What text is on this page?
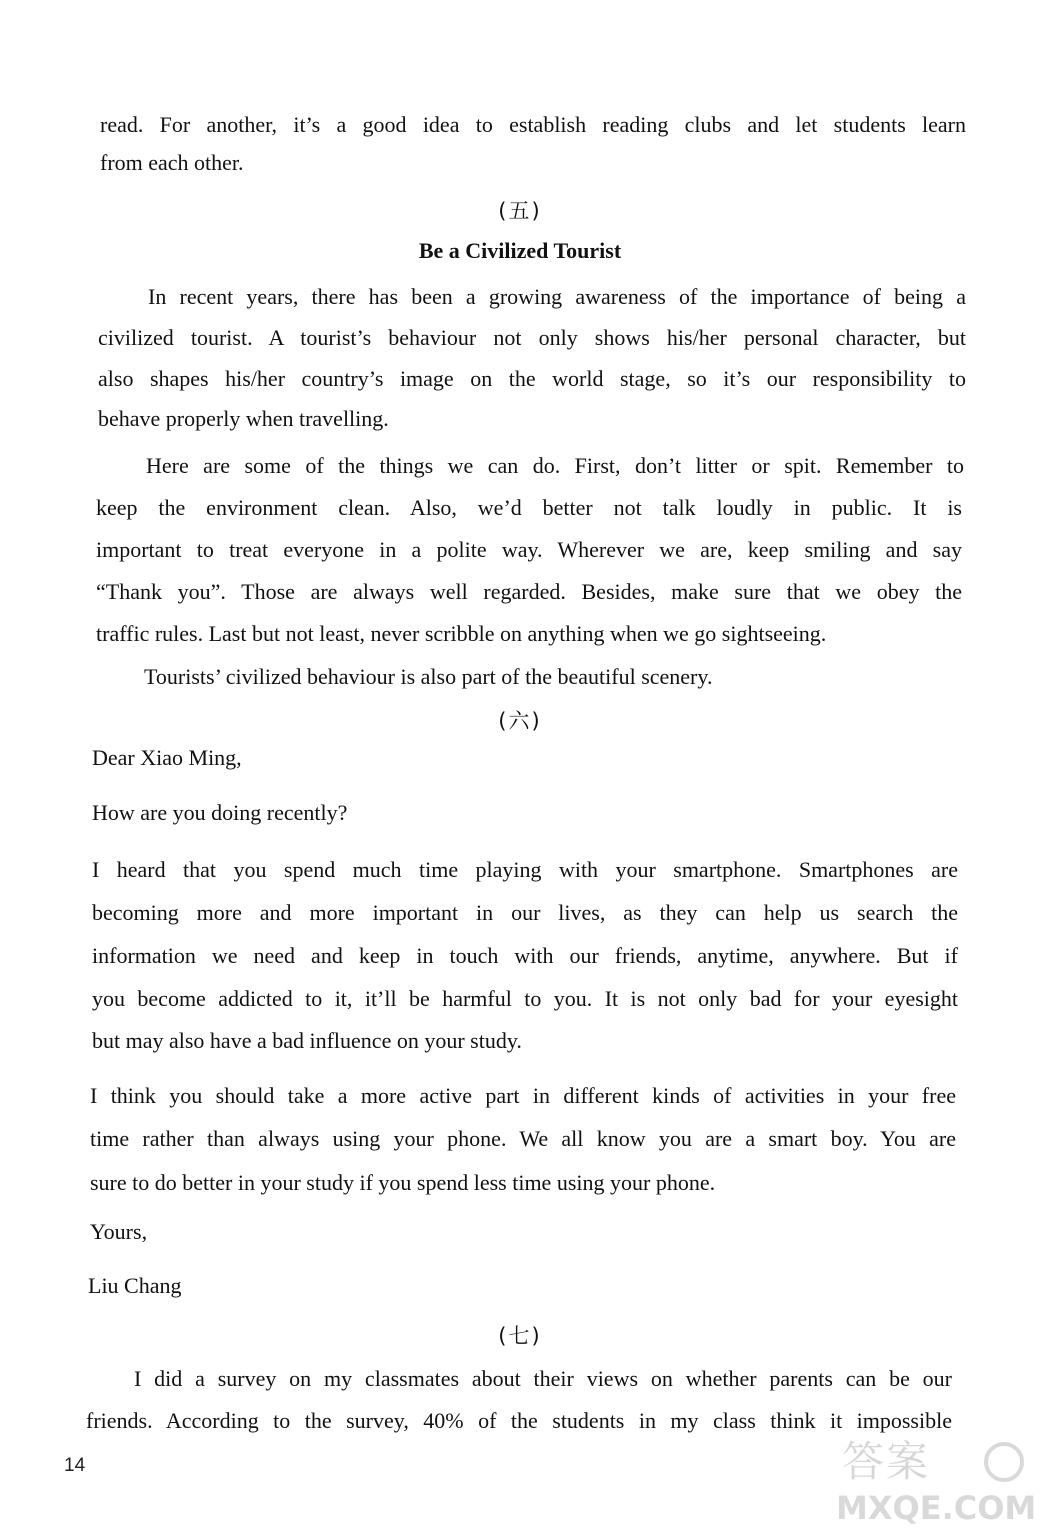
read. For another, it’s a good idea to establish reading clubs and let students learn
from each other.
(五)
Be a Civilized Tourist
In recent years, there has been a growing awareness of the importance of being a
civilized tourist. A tourist’s behaviour not only shows his/her personal character, but
also shapes his/her country’s image on the world stage, so it’s our responsibility to
behave properly when travelling.
Here are some of the things we can do. First, don’t litter or spit. Remember to
keep the environment clean. Also, we’d better not talk loudly in public. It is
important to treat everyone in a polite way. Wherever we are, keep smiling and say
“Thank you”. Those are always well regarded. Besides, make sure that we obey the
traffic rules. Last but not least, never scribble on anything when we go sightseeing.
Tourists’ civilized behaviour is also part of the beautiful scenery.
(六)
Dear Xiao Ming,
How are you doing recently?
I heard that you spend much time playing with your smartphone. Smartphones are
becoming more and more important in our lives, as they can help us search the
information we need and keep in touch with our friends, anytime, anywhere. But if
you become addicted to it, it’ll be harmful to you. It is not only bad for your eyesight
but may also have a bad influence on your study.
I think you should take a more active part in different kinds of activities in your free
time rather than always using your phone. We all know you are a smart boy. You are
sure to do better in your study if you spend less time using your phone.
Yours,
Liu Chang
(七)
I did a survey on my classmates about their views on whether parents can be our
friends. According to the survey, 40% of the students in my class think it impossible
14	答案
MXQE.COM
